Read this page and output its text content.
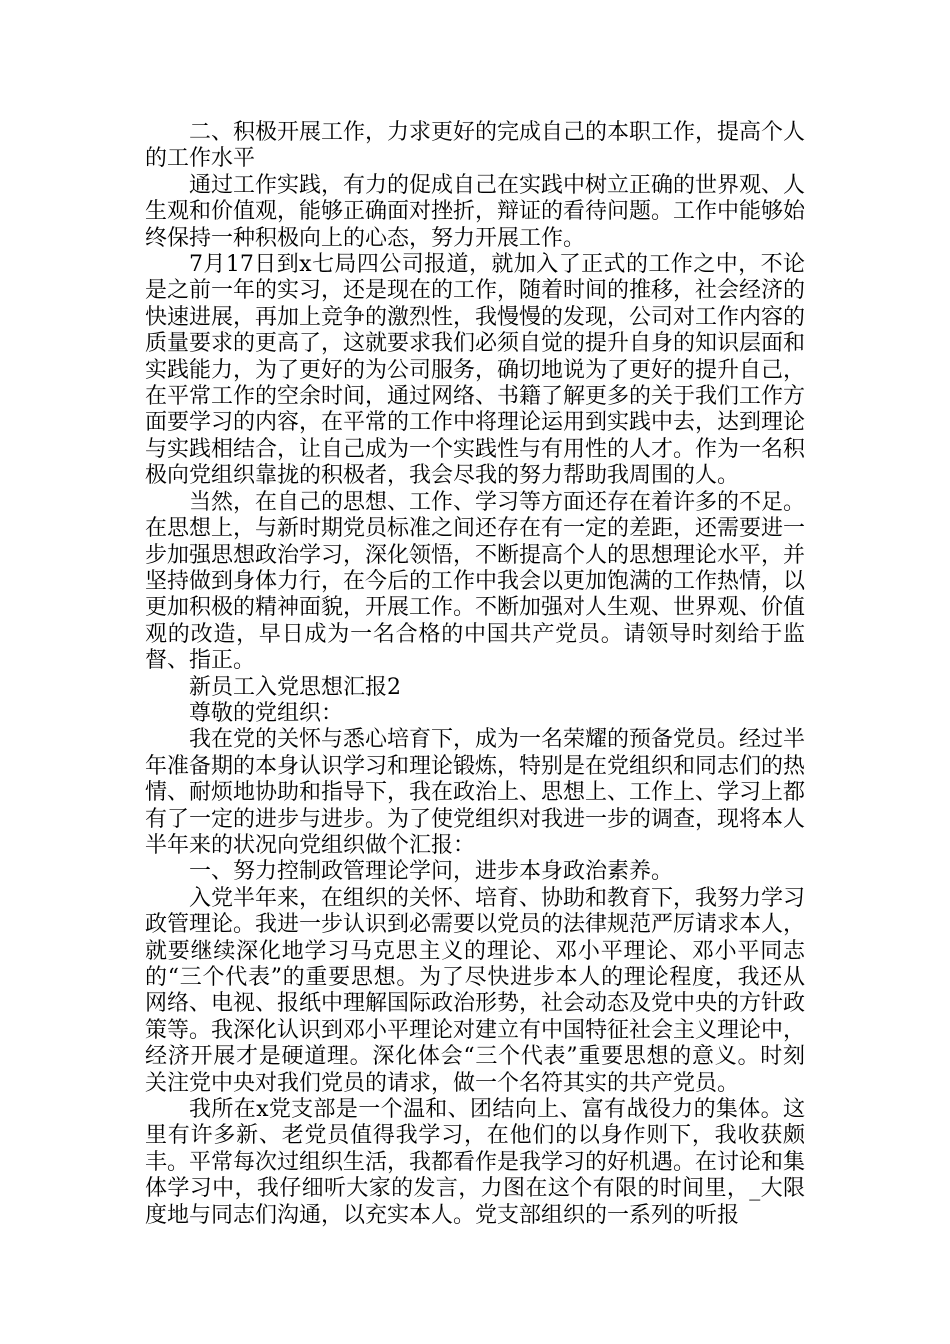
二、积极开展工作，力求更好的完成自己的本职工作，提高个人的工作水平

通过工作实践，有力的促成自己在实践中树立正确的世界观、人生观和价值观，能够正确面对挫折，辩证的看待问题。工作中能够始终保持一种积极向上的心态，努力开展工作。

7月17日到x七局四公司报道，就加入了正式的工作之中，不论是之前一年的实习，还是现在的工作，随着时间的推移，社会经济的快速进展，再加上竞争的激烈性，我慢慢的发现，公司对工作内容的质量要求的更高了，这就要求我们必须自觉的提升自身的知识层面和实践能力，为了更好的为公司服务，确切地说为了更好的提升自己，在平常工作的空余时间，通过网络、书籍了解更多的关于我们工作方面要学习的内容，在平常的工作中将理论运用到实践中去，达到理论与实践相结合，让自己成为一个实践性与有用性的人才。作为一名积极向党组织靠拢的积极者，我会尽我的努力帮助我周围的人。

当然，在自己的思想、工作、学习等方面还存在着许多的不足。在思想上，与新时期党员标准之间还存在有一定的差距，还需要进一步加强思想政治学习，深化领悟，不断提高个人的思想理论水平，并坚持做到身体力行，在今后的工作中我会以更加饱满的工作热情，以更加积极的精神面貌，开展工作。不断加强对人生观、世界观、价值观的改造，早日成为一名合格的中国共产党员。请领导时刻给于监督、指正。

新员工入党思想汇报2

尊敬的党组织：

我在党的关怀与悉心培育下，成为一名荣耀的预备党员。经过半年准备期的本身认识学习和理论锻炼，特别是在党组织和同志们的热情、耐烦地协助和指导下，我在政治上、思想上、工作上、学习上都有了一定的进步与进步。为了使党组织对我进一步的调查，现将本人半年来的状况向党组织做个汇报：

一、努力控制政管理论学问，进步本身政治素养。

入党半年来，在组织的关怀、培育、协助和教育下，我努力学习政管理论。我进一步认识到必需要以党员的法律规范严厉请求本人，就要继续深化地学习马克思主义的理论、邓小平理论、邓小平同志的“三个代表”的重要思想。为了尽快进步本人的理论程度，我还从网络、电视、报纸中理解国际政治形势，社会动态及党中央的方针政策等。我深化认识到邓小平理论对建立有中国特征社会主义理论中，经济开展才是硬道理。深化体会“三个代表”重要思想的意义。时刻关注党中央对我们党员的请求，做一个名符其实的共产党员。

我所在x党支部是一个温和、团结向上、富有战役力的集体。这里有许多新、老党员值得我学习，在他们的以身作则下，我收获颇丰。平常每次过组织生活，我都看作是我学习的好机遇。在讨论和集体学习中，我仔细听大家的发言，力图在这个有限的时间里，_大限度地与同志们沟通，以充实本人。党支部组织的一系列的听报
